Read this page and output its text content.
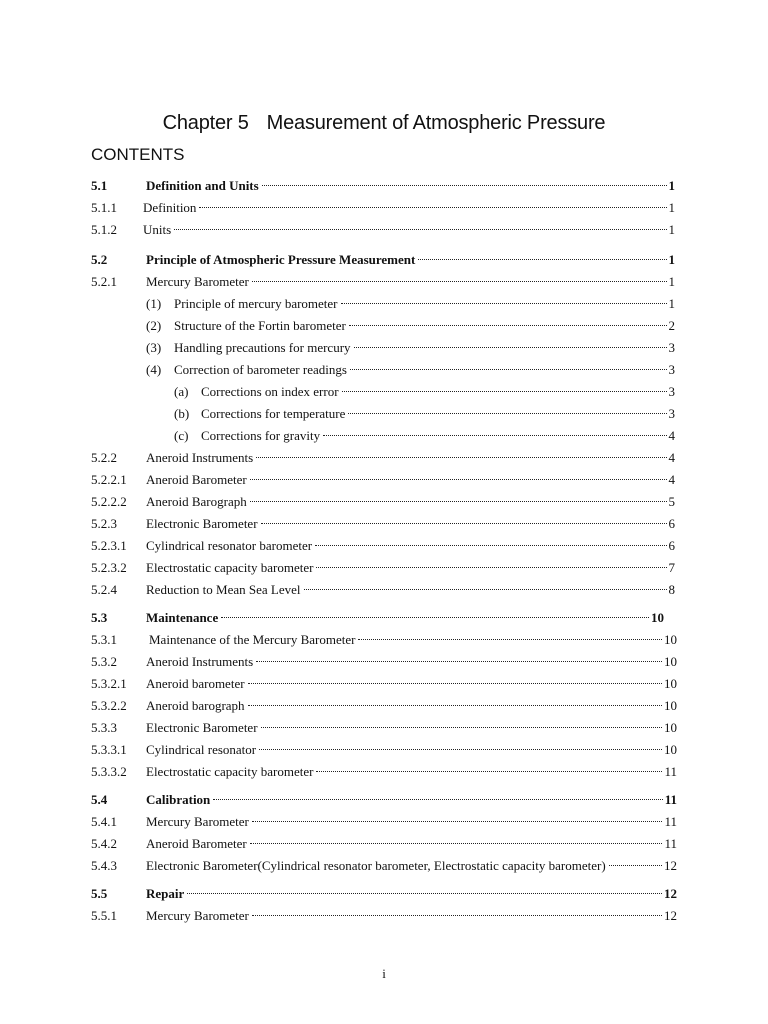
Chapter 5 Measurement of Atmospheric Pressure
CONTENTS
5.1	Definition and Units	1
5.1.1 Definition	1
5.1.2 Units	1
5.2	Principle of Atmospheric Pressure Measurement	1
5.2.1 Mercury Barometer	1
(1) Principle of mercury barometer	1
(2) Structure of the Fortin barometer	2
(3) Handling precautions for mercury	3
(4) Correction of barometer readings	3
(a) Corrections on index error	3
(b) Corrections for temperature	3
(c) Corrections for gravity	4
5.2.2 Aneroid Instruments	4
5.2.2.1 Aneroid Barometer	4
5.2.2.2 Aneroid Barograph	5
5.2.3 Electronic Barometer	6
5.2.3.1 Cylindrical resonator barometer	6
5.2.3.2 Electrostatic capacity barometer	7
5.2.4 Reduction to Mean Sea Level	8
5.3	Maintenance	10
5.3.1 Maintenance of the Mercury Barometer	10
5.3.2 Aneroid Instruments	10
5.3.2.1 Aneroid barometer	10
5.3.2.2 Aneroid barograph	10
5.3.3 Electronic Barometer	10
5.3.3.1 Cylindrical resonator	10
5.3.3.2 Electrostatic capacity barometer	11
5.4	Calibration	11
5.4.1 Mercury Barometer	11
5.4.2 Aneroid Barometer	11
5.4.3 Electronic Barometer(Cylindrical resonator barometer, Electrostatic capacity barometer)	12
5.5	Repair	12
5.5.1 Mercury Barometer	12
i
